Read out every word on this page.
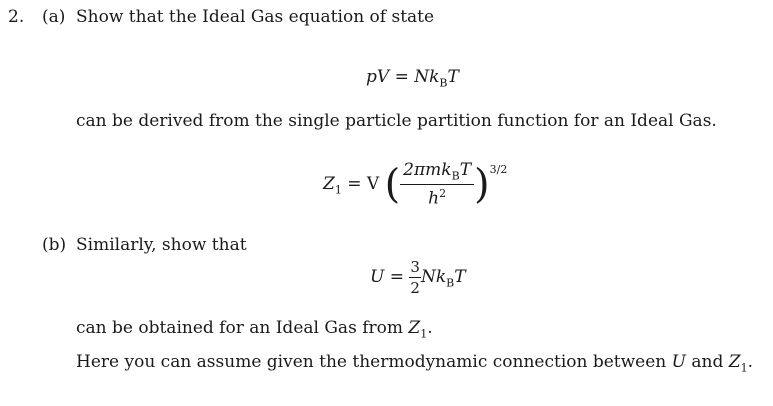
2. (a) Show that the Ideal Gas equation of state
pV = $Nk_BT$
can be derived from the single particle partition function for an Ideal Gas.
$Z_1 = V$ ( $\frac{2\pi mk_BT}{h^2} )^{3/2}$
(b) Similarly, show that
$U = \frac{3}{2} Nk_BT$
can be obtained for an Ideal Gas from $Z_1$.
Here you can assume given the thermodynamic connection between U and $Z_1$.
